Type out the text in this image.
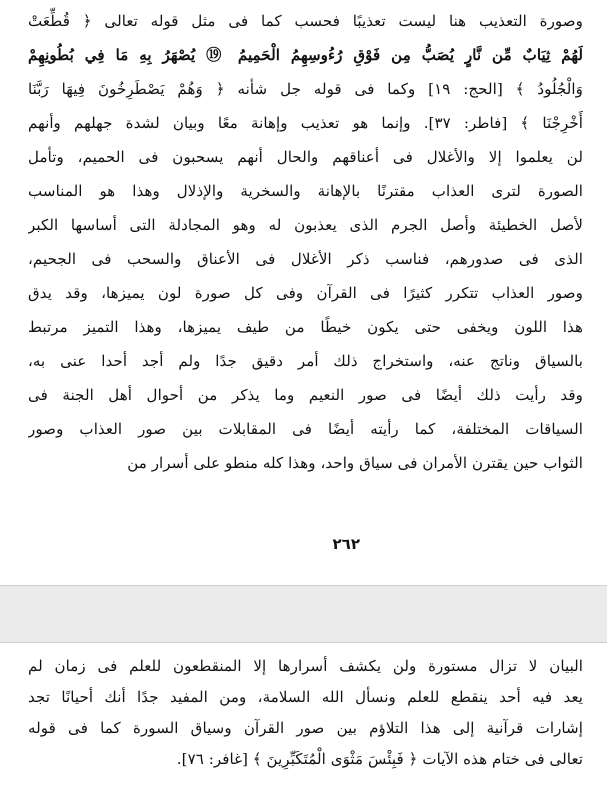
وصورة التعذيب هنا ليست تعذيبًا فحسب كما فى مثل قوله تعالى ﴿ قُطِّعَتْ
لَهُمْ ثِيَابٌ مِّن نَّارٍ يُصَبُّ مِن فَوْقِ رُءُوسِهِمُ الْحَمِيمُ ⑲ يُصْهَرُ بِهِ مَا فِي بُطُونِهِمْ
وَالْجُلُودُ ﴾ [الحج: ١٩] وكما فى قوله جل شأنه ﴿ وَهُمْ يَصْطَرِخُونَ فِيهَا رَبَّنَا
أَخْرِجْنَا ﴾ [فاطر: ٣٧]. وإنما هو تعذيب وإهانة معًا وبيان لشدة جهلهم وأنهم
لن يعلموا إلا والأغلال فى أعناقهم والحال أنهم يسحبون فى الحميم، وتأمل
الصورة لترى العذاب مقترنًا بالإهانة والسخرية والإذلال وهذا هو المناسب
لأصل الخطيئة وأصل الجرم الذى يعذبون له وهو المجادلة التى أساسها الكبر
الذى فى صدورهم، فناسب ذكر الأغلال فى الأعناق والسحب فى الجحيم،
وصور العذاب تتكرر كثيرًا فى القرآن وفى كل صورة لون يميزها، وقد يدق
هذا اللون ويخفى حتى يكون خيطًا من طيف يميزها، وهذا التميز مرتبط
بالسياق وناتج عنه، واستخراج ذلك أمر دقيق جدًا ولم أجد أحدا عنى به،
وقد رأيت ذلك أيضًا فى صور النعيم وما يذكر من أحوال أهل الجنة فى
السياقات المختلفة، كما رأيته أيضًا فى المقابلات بين صور العذاب وصور
الثواب حين يقترن الأمران فى سياق واحد، وهذا كله منطو على أسرار من
٢٦٢
البيان لا تزال مستورة ولن يكشف أسرارها إلا المنقطعون للعلم فى زمان لم
يعد فيه أحد ينقطع للعلم ونسأل الله السلامة، ومن المفيد جدًا أنك أحيانًا تجد
إشارات قرآنية إلى هذا التلاؤم بين صور القرآن وسياق السورة كما فى قوله
تعالى فى ختام هذه الآيات ﴿ فَبِئْسَ مَثْوَى الْمُتَكَبِّرِينَ ﴾ [غافر: ٧٦].
